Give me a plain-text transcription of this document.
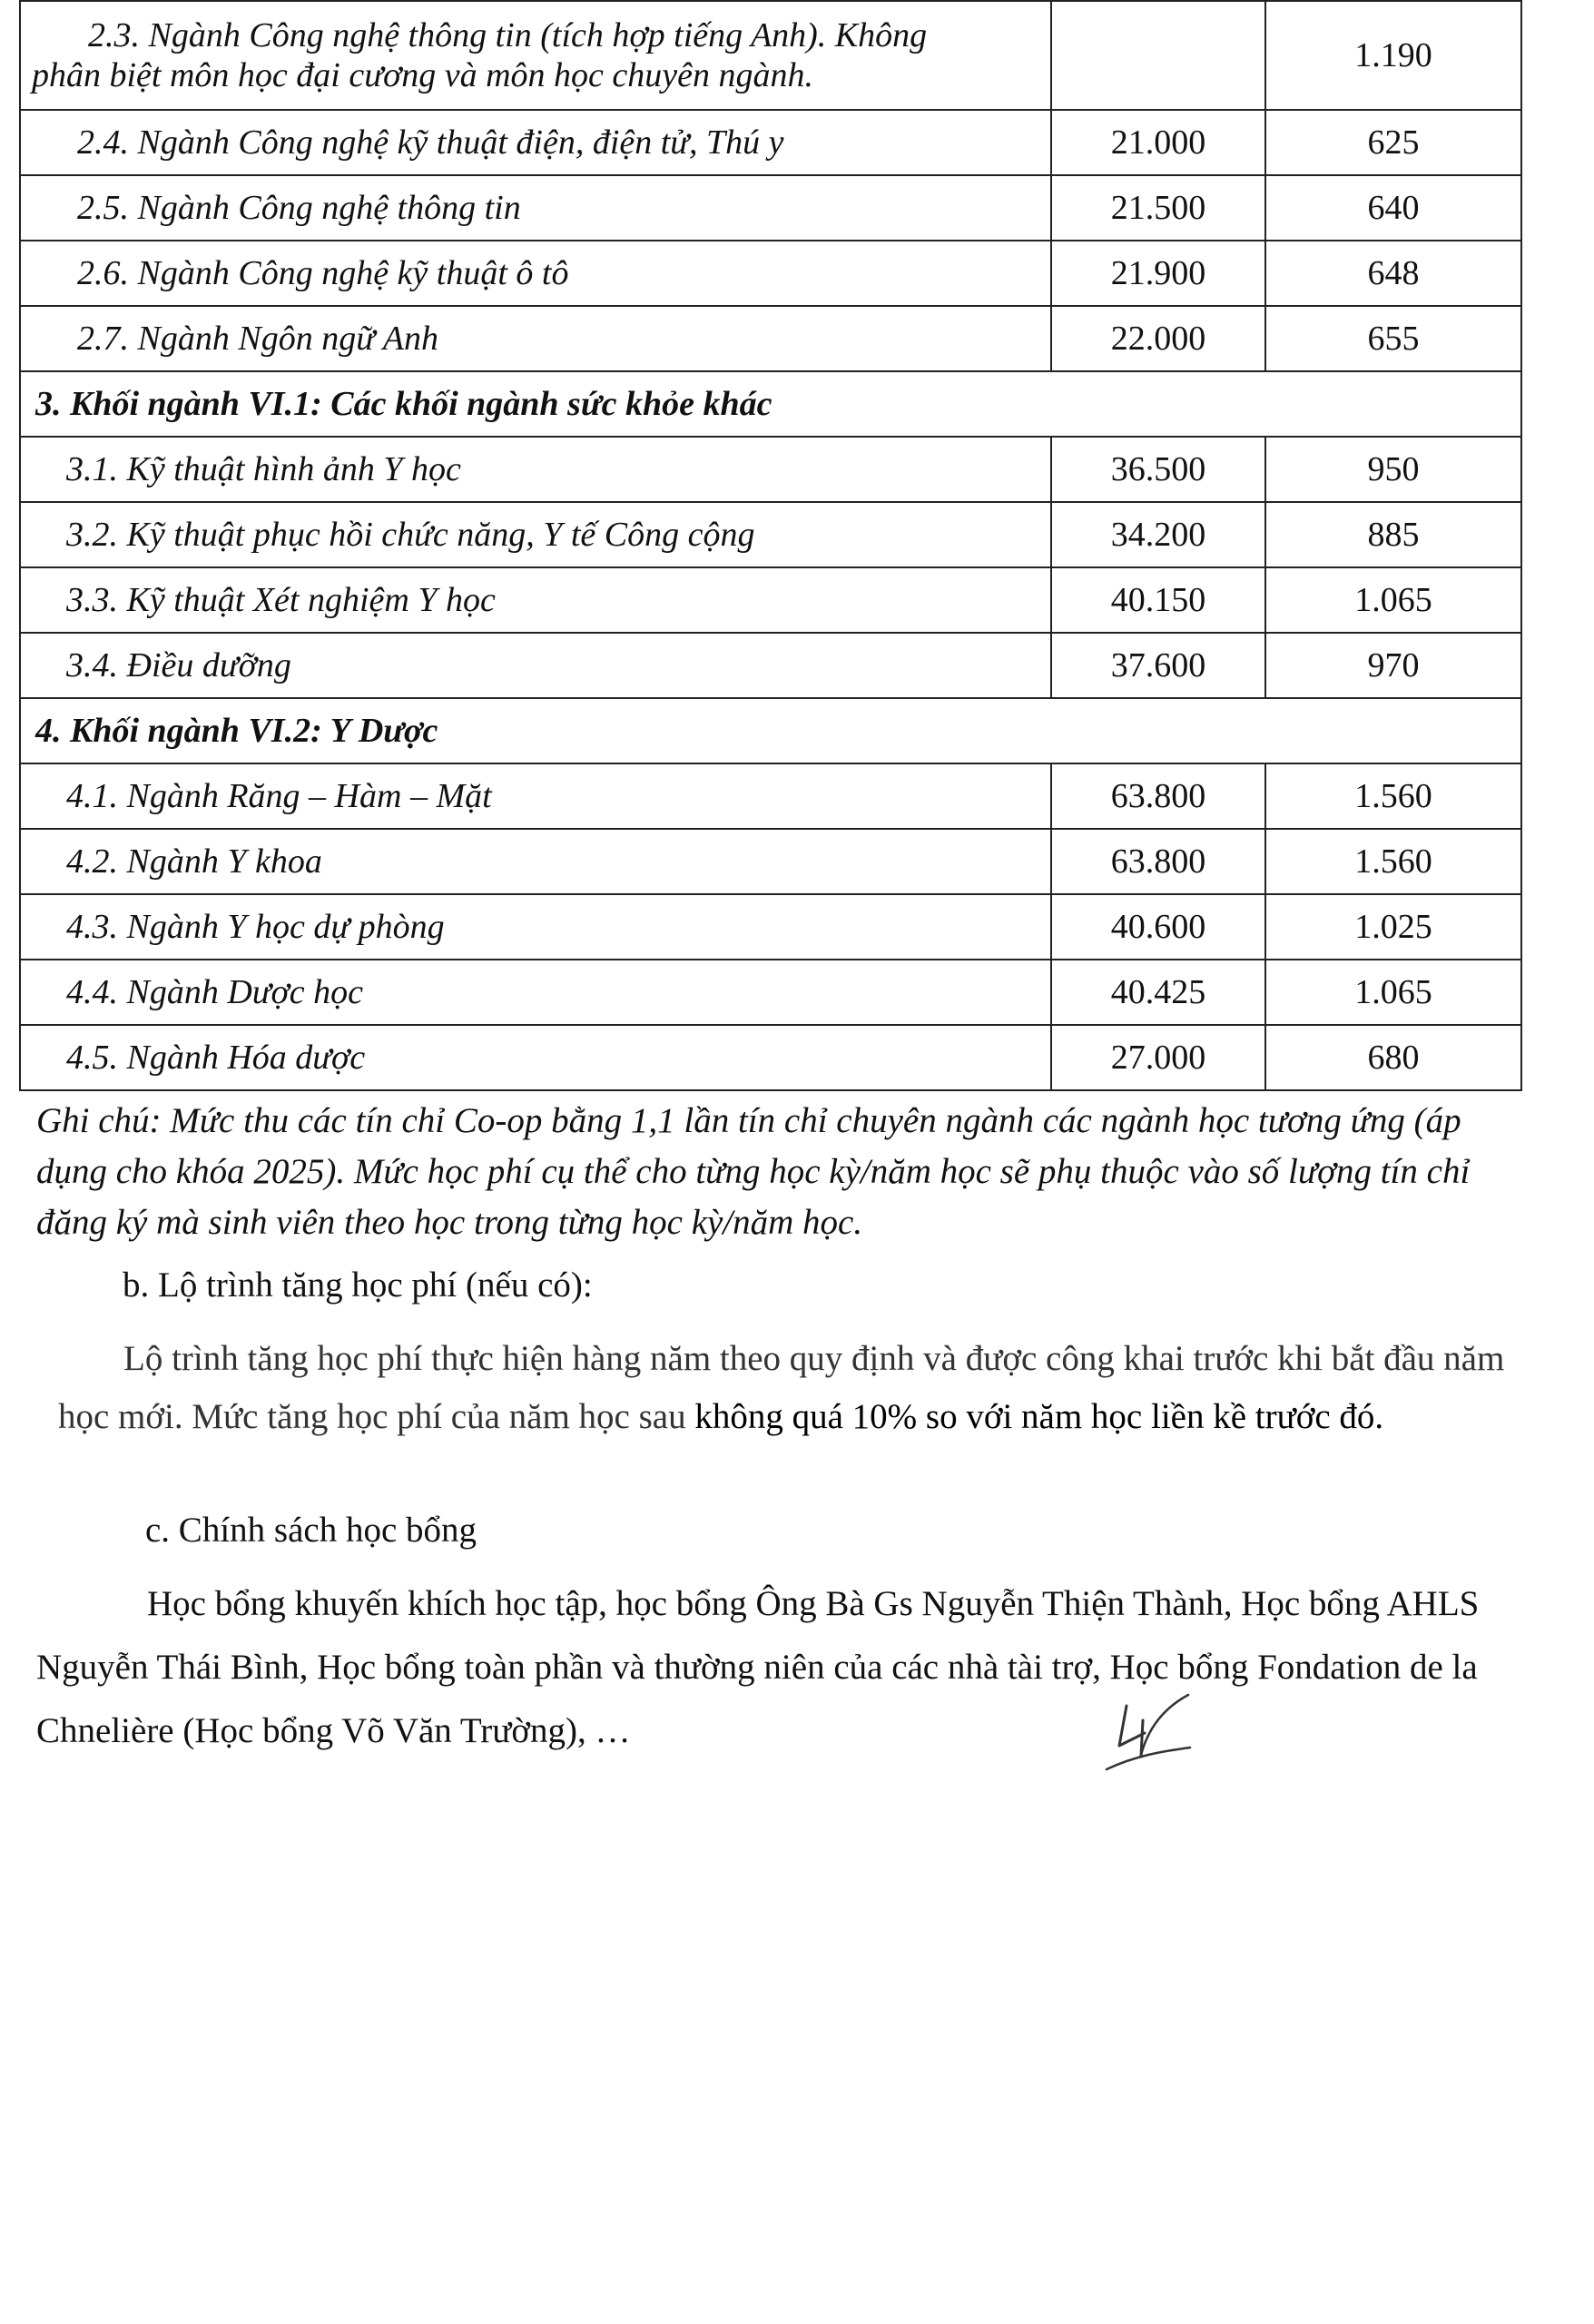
2.3. Ngành Công nghệ thông tin (tích hợp tiếng Anh). Không
phân biệt môn học đại cương và môn học chuyên ngành.		1.190
2.4. Ngành Công nghệ kỹ thuật điện, điện tử, Thú y	21.000	625
2.5. Ngành Công nghệ thông tin	21.500	640
2.6. Ngành Công nghệ kỹ thuật ô tô	21.900	648
2.7. Ngành Ngôn ngữ Anh	22.000	655
3. Khối ngành VI.1: Các khối ngành sức khỏe khác		
3.1. Kỹ thuật hình ảnh Y học	36.500	950
3.2. Kỹ thuật phục hồi chức năng, Y tế Công cộng	34.200	885
3.3. Kỹ thuật Xét nghiệm Y học	40.150	1.065
3.4. Điều dưỡng	37.600	970
4. Khối ngành VI.2: Y Dược		
4.1. Ngành Răng – Hàm – Mặt	63.800	1.560
4.2. Ngành Y khoa	63.800	1.560
4.3. Ngành Y học dự phòng	40.600	1.025
4.4. Ngành Dược học	40.425	1.065
4.5. Ngành Hóa dược	27.000	680

Ghi chú: Mức thu các tín chỉ Co-op bằng 1,1 lần tín chỉ chuyên ngành các ngành học tương ứng (áp dụng cho khóa 2025). Mức học phí cụ thể cho từng học kỳ/năm học sẽ phụ thuộc vào số lượng tín chỉ đăng ký mà sinh viên theo học trong từng học kỳ/năm học.

b. Lộ trình tăng học phí (nếu có):

Lộ trình tăng học phí thực hiện hàng năm theo quy định và được công khai trước khi bắt đầu năm học mới. Mức tăng học phí của năm học sau không quá 10% so với năm học liền kề trước đó.

c. Chính sách học bổng

Học bổng khuyến khích học tập, học bổng Ông Bà Gs Nguyễn Thiện Thành, Học bổng AHLS Nguyễn Thái Bình, Học bổng toàn phần và thường niên của các nhà tài trợ, Học bổng Fondation de la Chnelière (Học bổng Võ Văn Trường), …
